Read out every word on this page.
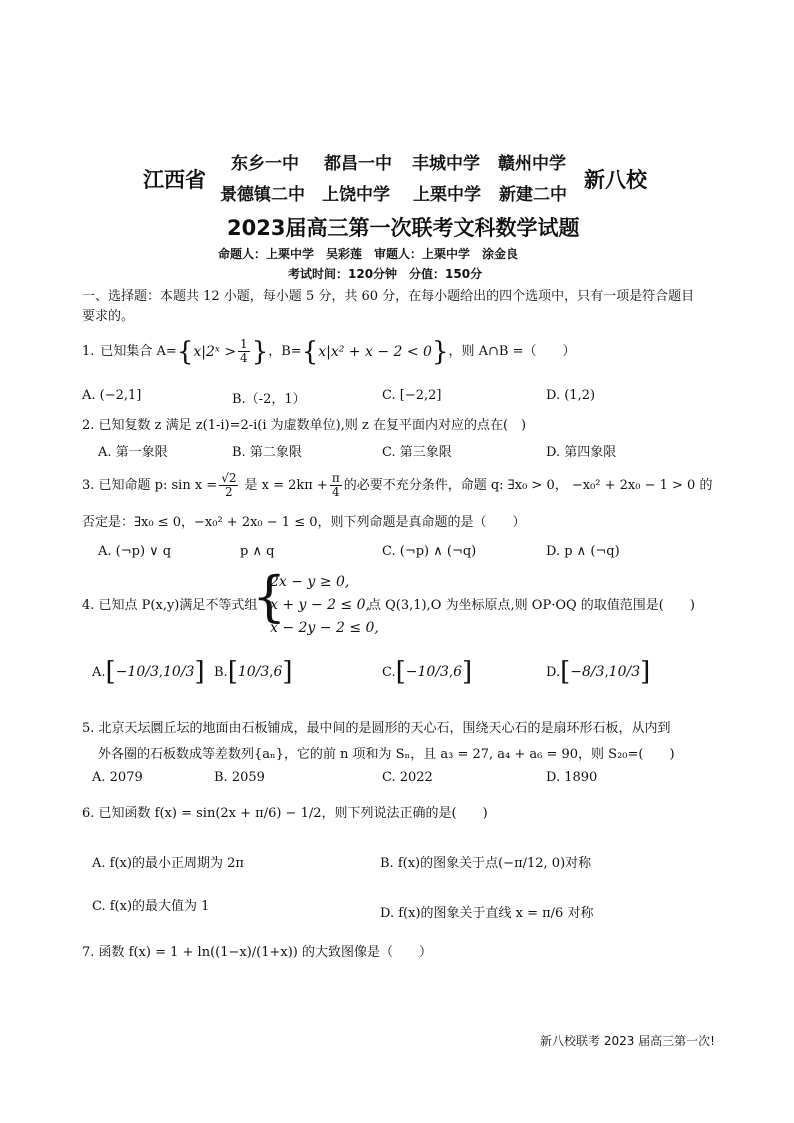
江西省
东乡一中 都昌一中 丰城中学 赣州中学
景德镇二中 上饶中学 上栗中学 新建二中
新八校
2023届高三第一次联考文科数学试题
命题人：上栗中学　吴彩莲　审题人：上栗中学　涂金良
考试时间：120分钟　分值：150分
一、选择题：本题共 12 小题，每小题 5 分，共 60 分，在每小题给出的四个选项中，只有一项是符合题目
要求的。
1. 已知集合 A= { x|2ˣ > $\frac{1}{4}$ } ，B= { x|x² + x − 2 < 0 } ，则 A∩B =（　　）
A. (−2,1]	B.（-2，1）	C. [−2,2]	D. (1,2)
2. 已知复数 z 满足 z(1-i)=2-i(i 为虚数单位),则 z 在复平面内对应的点在(　)
A. 第一象限	B. 第二象限	C. 第三象限	D. 第四象限
3. 已知命题 p: $\sin x = \frac{√2}{2}$ 是 $x = 2k\pi + \frac{\pi}{4}$ 的必要不充分条件，命题 q: ∃x₀ > 0， −x₀² + 2x₀ − 1 > 0 的
否定是：∃x₀ ≤ 0，−x₀² + 2x₀ − 1 ≤ 0，则下列命题是真命题的是（　　）
A. (¬p) ∨ q	p ∧ q	C. (¬p) ∧ (¬q)	D. p ∧ (¬q)
4. 已知点 P(x,y)满足不等式组
{
2x − y ≥ 0,
x + y − 2 ≤ 0,
x − 2y − 2 ≤ 0,
点 Q(3,1),O 为坐标原点,则 OP·OQ 的取值范围是(　　)
A. [ −10/3 , 10/3 ] B. [ 10/3 , 6 ]	C. [ −10/3 , 6 ]	D. [ −8/3 , 10/3 ]
5. 北京天坛圜丘坛的地面由石板铺成，最中间的是圆形的天心石，围绕天心石的是扇环形石板，从内到
外各圈的石板数成等差数列{aₙ}，它的前 n 项和为 Sₙ，且 a₃ = 27, a₄ + a₆ = 90，则 S₂₀=(　　)
A. 2079	B. 2059	C. 2022	D. 1890
6. 已知函数 f(x) = sin(2x + π/6) − 1/2，则下列说法正确的是(　　)
A. f(x)的最小正周期为 2π	B. f(x)的图象关于点(−π/12, 0)对称
C. f(x)的最大值为 1	D. f(x)的图象关于直线 x = π/6 对称
7. 函数 f(x) = 1 + ln((1−x)/(1+x)) 的大致图像是（　　）
新八校联考 2023 届高三第一次!
